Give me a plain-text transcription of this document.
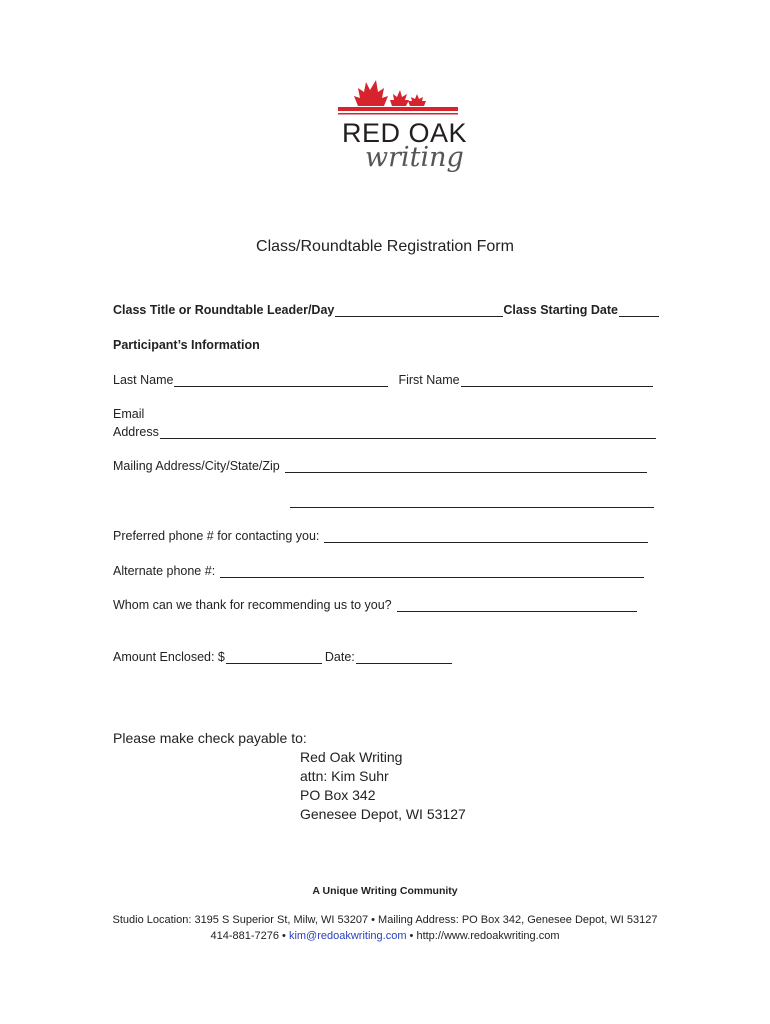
RED OAK
writing
Class/Roundtable Registration Form
Class Title or Roundtable Leader/Day	Class Starting Date
Participant’s Information
Last Name	First Name
Email
Address
Mailing Address/City/State/Zip
Preferred phone # for contacting you:
Alternate phone #:
Whom can we thank for recommending us to you?
Amount Enclosed: $	Date:
Please make check payable to:
Red Oak Writing
attn: Kim Suhr
PO Box 342
Genesee Depot, WI 53127
A Unique Writing Community
Studio Location: 3195 S Superior St, Milw, WI 53207 • Mailing Address: PO Box 342, Genesee Depot, WI 53127
414-881-7276 • kim@redoakwriting.com • http://www.redoakwriting.com
